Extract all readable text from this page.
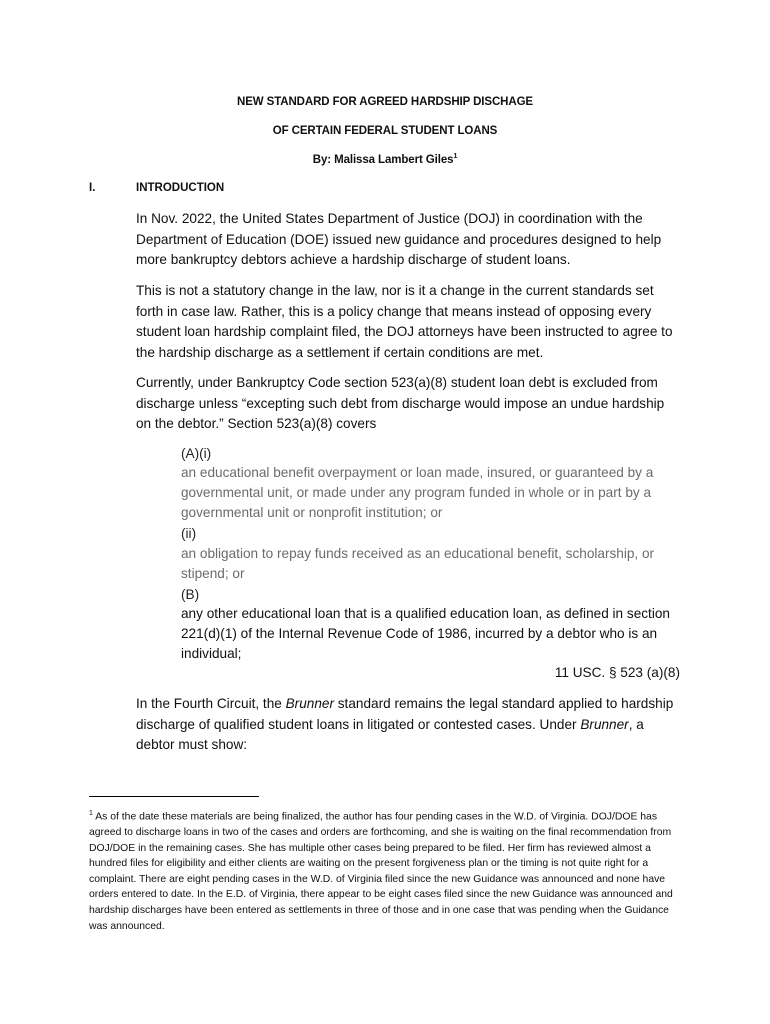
NEW STANDARD FOR AGREED HARDSHIP DISCHAGE
OF CERTAIN FEDERAL STUDENT LOANS
By: Malissa Lambert Giles$^1$
I.	INTRODUCTION

In Nov. 2022, the United States Department of Justice (DOJ) in coordination with the Department of Education (DOE) issued new guidance and procedures designed to help more bankruptcy debtors achieve a hardship discharge of student loans.

This is not a statutory change in the law, nor is it a change in the current standards set forth in case law. Rather, this is a policy change that means instead of opposing every student loan hardship complaint filed, the DOJ attorneys have been instructed to agree to the hardship discharge as a settlement if certain conditions are met.

Currently, under Bankruptcy Code section 523(a)(8) student loan debt is excluded from discharge unless “excepting such debt from discharge would impose an undue hardship on the debtor.” Section 523(a)(8) covers

(A)(i)

an educational benefit overpayment or loan made, insured, or guaranteed by a governmental unit, or made under any program funded in whole or in part by a governmental unit or nonprofit institution; or

(ii)

an obligation to repay funds received as an educational benefit, scholarship, or stipend; or

(B)

any other educational loan that is a qualified education loan, as defined in section 221(d)(1) of the Internal Revenue Code of 1986, incurred by a debtor who is an individual;

11 USC. § 523 (a)(8)

In the Fourth Circuit, the Brunner standard remains the legal standard applied to hardship discharge of qualified student loans in litigated or contested cases. Under Brunner, a debtor must show:

$^1$ As of the date these materials are being finalized, the author has four pending cases in the W.D. of Virginia. DOJ/DOE has agreed to discharge loans in two of the cases and orders are forthcoming, and she is waiting on the final recommendation from DOJ/DOE in the remaining cases. She has multiple other cases being prepared to be filed. Her firm has reviewed almost a hundred files for eligibility and either clients are waiting on the present forgiveness plan or the timing is not quite right for a complaint. There are eight pending cases in the W.D. of Virginia filed since the new Guidance was announced and none have orders entered to date. In the E.D. of Virginia, there appear to be eight cases filed since the new Guidance was announced and hardship discharges have been entered as settlements in three of those and in one case that was pending when the Guidance was announced.
